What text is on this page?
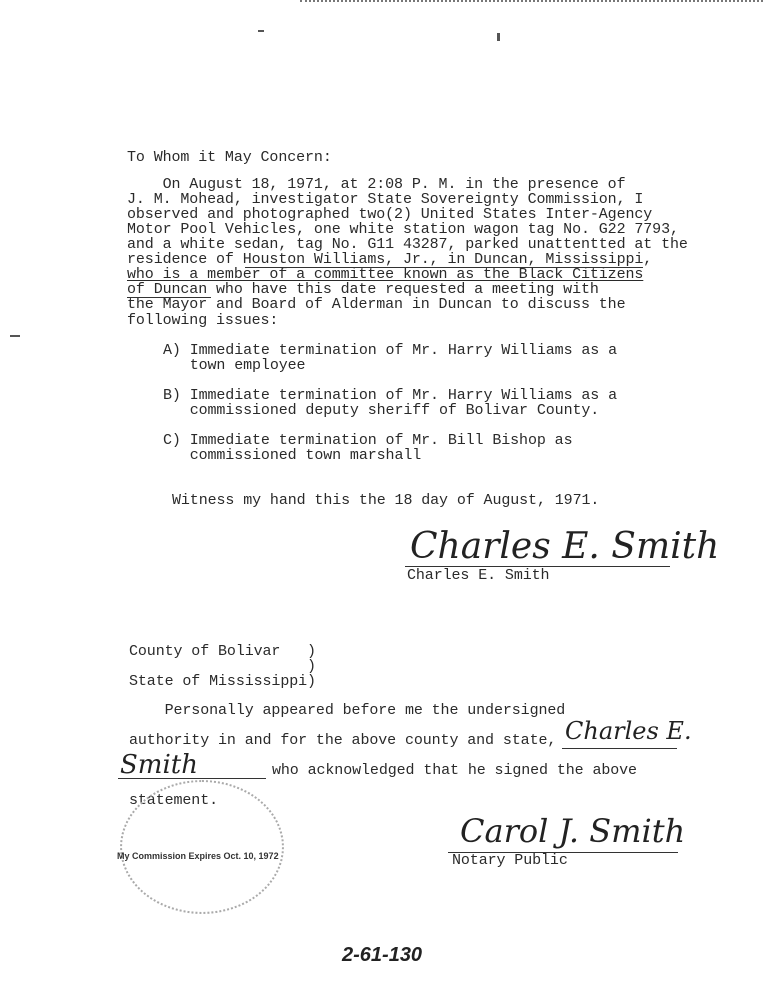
To Whom it May Concern:
On August 18, 1971, at 2:08 P. M. in the presence of
J. M. Mohead, investigator State Sovereignty Commission, I
observed and photographed two(2) United States Inter-Agency
Motor Pool Vehicles, one white station wagon tag No. G22 7793,
and a white sedan, tag No. G11 43287, parked unattentted at the
residence of Houston Williams, Jr., in Duncan, Mississippi,
who is a member of a committee known as the Black Citizens
of Duncan who have this date requested a meeting with
the Mayor and Board of Alderman in Duncan to discuss the
following issues:
A) Immediate termination of Mr. Harry Williams as a
town employee
B) Immediate termination of Mr. Harry Williams as a
commissioned deputy sheriff of Bolivar County.
C) Immediate termination of Mr. Bill Bishop as
commissioned town marshall
Witness my hand this the 18 day of August, 1971.
Charles E. Smith
Charles E. Smith
County of Bolivar   )
)
State of Mississippi)
Personally appeared before me the undersigned
authority in and for the above county and state, Charles E.
Smith	who acknowledged that he signed the above
statement.
My Commission Expires Oct. 10, 1972
Carol J. Smith
Notary Public
2-61-130
